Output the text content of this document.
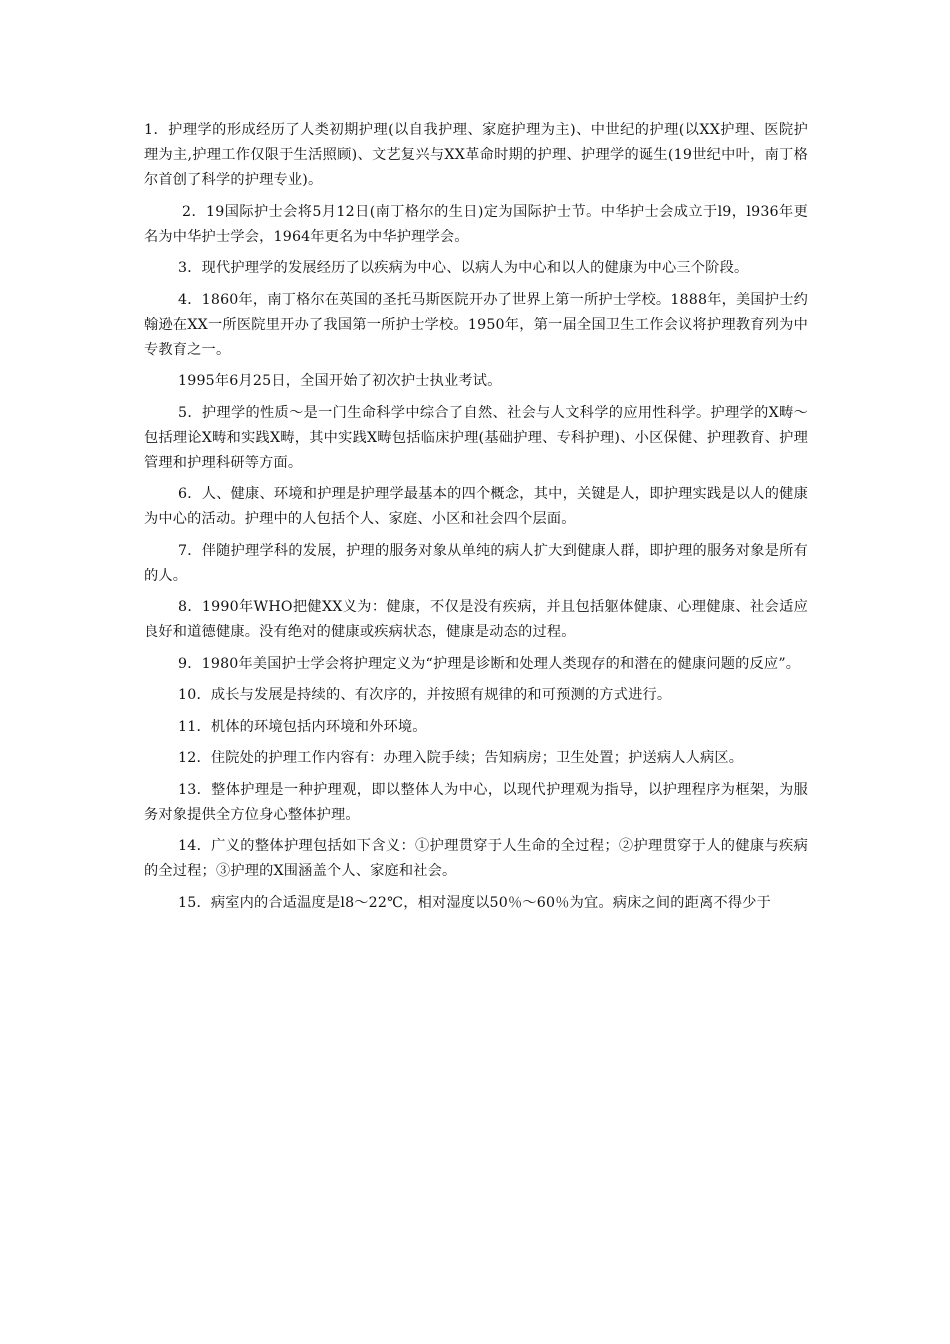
1．护理学的形成经历了人类初期护理(以自我护理、家庭护理为主)、中世纪的护理(以XX护理、医院护理为主,护理工作仅限于生活照顾)、文艺复兴与XX革命时期的护理、护理学的诞生(19世纪中叶，南丁格尔首创了科学的护理专业)。

2．19国际护士会将5月12日(南丁格尔的生日)定为国际护士节。中华护士会成立于l9，l936年更名为中华护士学会，1964年更名为中华护理学会。

3．现代护理学的发展经历了以疾病为中心、以病人为中心和以人的健康为中心三个阶段。

4．1860年，南丁格尔在英国的圣托马斯医院开办了世界上第一所护士学校。1888年，美国护士约翰逊在XX一所医院里开办了我国第一所护士学校。1950年，第一届全国卫生工作会议将护理教育列为中专教育之一。

1995年6月25日，全国开始了初次护士执业考试。

5．护理学的性质～是一门生命科学中综合了自然、社会与人文科学的应用性科学。护理学的X畴～包括理论X畴和实践X畴，其中实践X畴包括临床护理(基础护理、专科护理)、小区保健、护理教育、护理管理和护理科研等方面。

6．人、健康、环境和护理是护理学最基本的四个概念，其中，关键是人，即护理实践是以人的健康为中心的活动。护理中的人包括个人、家庭、小区和社会四个层面。

7．伴随护理学科的发展，护理的服务对象从单纯的病人扩大到健康人群，即护理的服务对象是所有的人。

8．1990年WHO把健XX义为：健康，不仅是没有疾病，并且包括躯体健康、心理健康、社会适应良好和道德健康。没有绝对的健康或疾病状态，健康是动态的过程。

9．1980年美国护士学会将护理定义为“护理是诊断和处理人类现存的和潜在的健康问题的反应”。

10．成长与发展是持续的、有次序的，并按照有规律的和可预测的方式进行。

11．机体的环境包括内环境和外环境。

12．住院处的护理工作内容有：办理入院手续；告知病房；卫生处置；护送病人人病区。

13．整体护理是一种护理观，即以整体人为中心，以现代护理观为指导，以护理程序为框架，为服务对象提供全方位身心整体护理。

14．广义的整体护理包括如下含义：①护理贯穿于人生命的全过程；②护理贯穿于人的健康与疾病的全过程；③护理的X围涵盖个人、家庭和社会。

15．病室内的合适温度是l8～22℃，相对湿度以50％～60％为宜。病床之间的距离不得少于
